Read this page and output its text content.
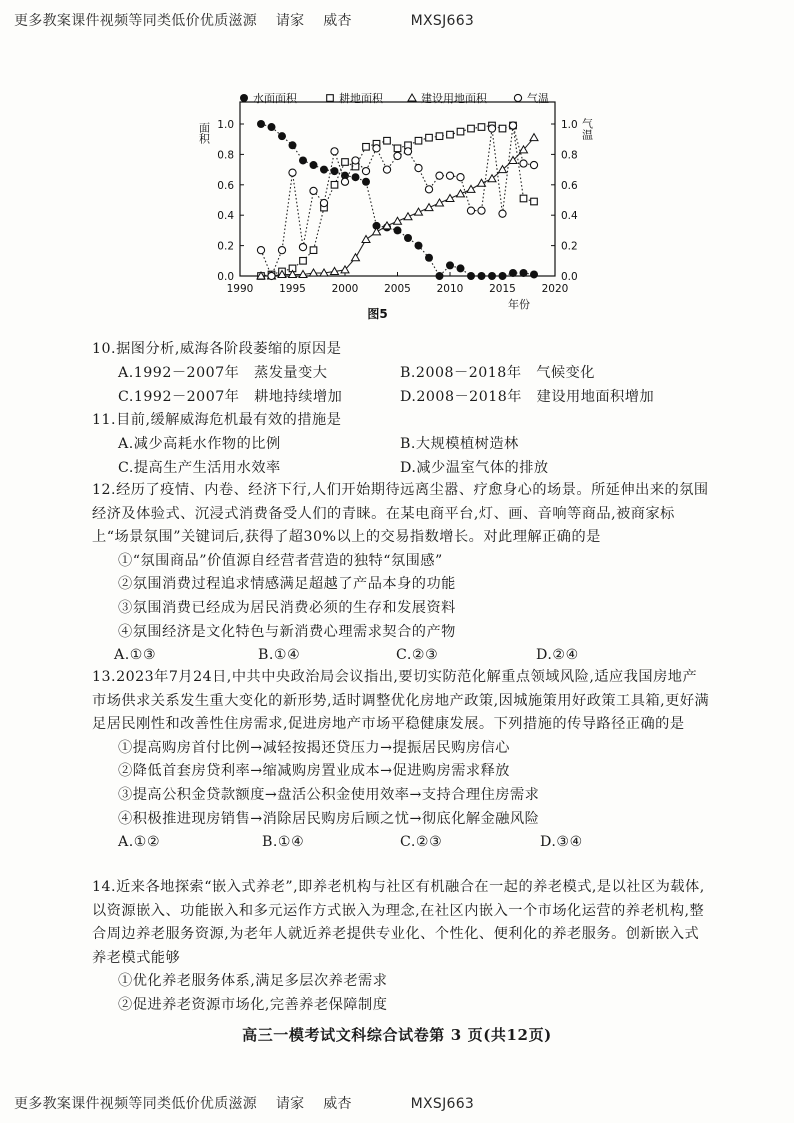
更多教案课件视频等同类低价优质滋源 请家 威杏	MXSJ663
1990 1995 2000 2005 2010 2015 2020
0.0
0.2
0.4
0.6
0.8
1.0
0.0
0.2
0.4
0.6
0.8
1.0
面积	气温
年份
图5
水面面积	耕地面积	建设用地面积	气温
10.据图分析,威海各阶段萎缩的原因是
A.1992－2007年　蒸发量变大	B.2008－2018年　气候变化
C.1992－2007年　耕地持续增加	D.2008－2018年　建设用地面积增加
11.目前,缓解威海危机最有效的措施是
A.减少高耗水作物的比例	B.大规模植树造林
C.提高生产生活用水效率	D.减少温室气体的排放
12.经历了疫情、内卷、经济下行,人们开始期待远离尘嚣、疗愈身心的场景。所延伸出来的氛围经济及体验式、沉浸式消费备受人们的青睐。在某电商平台,灯、画、音响等商品,被商家标上“场景氛围”关键词后,获得了超30%以上的交易指数增长。对此理解正确的是
①“氛围商品”价值源自经营者营造的独特“氛围感”
②氛围消费过程追求情感满足超越了产品本身的功能
③氛围消费已经成为居民消费必须的生存和发展资料
④氛围经济是文化特色与新消费心理需求契合的产物
A.①③	B.①④	C.②③	D.②④
13.2023年7月24日,中共中央政治局会议指出,要切实防范化解重点领域风险,适应我国房地产市场供求关系发生重大变化的新形势,适时调整优化房地产政策,因城施策用好政策工具箱,更好满足居民刚性和改善性住房需求,促进房地产市场平稳健康发展。下列措施的传导路径正确的是
①提高购房首付比例→减轻按揭还贷压力→提振居民购房信心
②降低首套房贷利率→缩减购房置业成本→促进购房需求释放
③提高公积金贷款额度→盘活公积金使用效率→支持合理住房需求
④积极推进现房销售→消除居民购房后顾之忧→彻底化解金融风险
A.①②	B.①④	C.②③	D.③④
14.近来各地探索“嵌入式养老”,即养老机构与社区有机融合在一起的养老模式,是以社区为载体,以资源嵌入、功能嵌入和多元运作方式嵌入为理念,在社区内嵌入一个市场化运营的养老机构,整合周边养老服务资源,为老年人就近养老提供专业化、个性化、便利化的养老服务。创新嵌入式养老模式能够
①优化养老服务体系,满足多层次养老需求
②促进养老资源市场化,完善养老保障制度
高三一模考试文科综合试卷第 3 页(共12页)
更多教案课件视频等同类低价优质滋源 请家 威杏	MXSJ663
